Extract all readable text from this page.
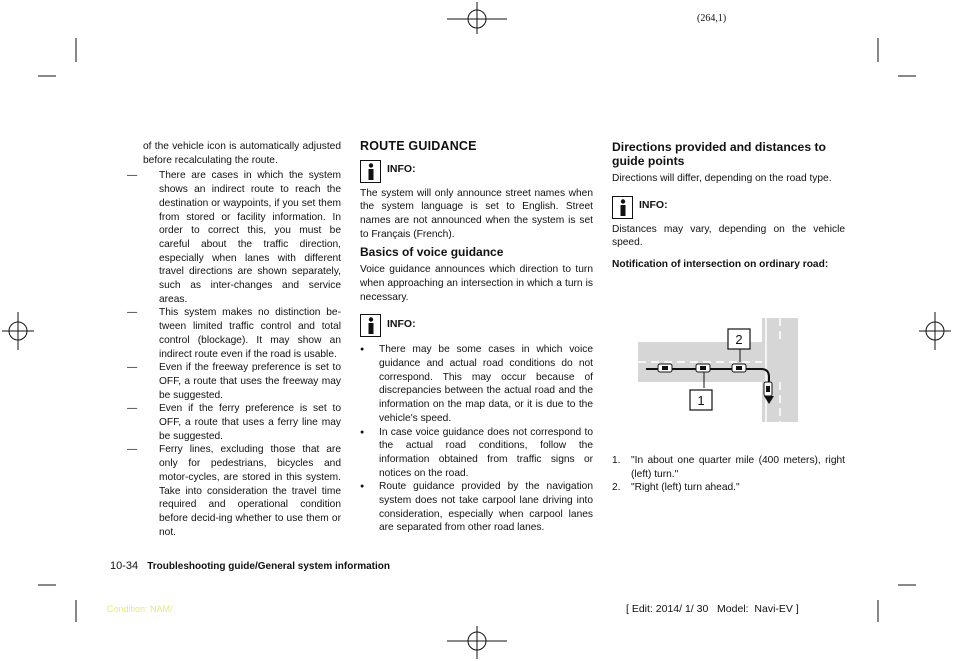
(264,1)

of the vehicle icon is automatically adjusted before recalculating the route.

— There are cases in which the system shows an indirect route to reach the destination or waypoints, if you set them from stored or facility information. In order to correct this, you must be careful about the traffic direction, especially when lanes with different travel directions are shown separately, such as inter-changes and service areas.

— This system makes no distinction be-tween limited traffic control and total control (blockage). It may show an indirect route even if the road is usable.

— Even if the freeway preference is set to OFF, a route that uses the freeway may be suggested.

— Even if the ferry preference is set to OFF, a route that uses a ferry line may be suggested.

— Ferry lines, excluding those that are only for pedestrians, bicycles and motor-cycles, are stored in this system. Take into consideration the travel time required and operational condition before decid-ing whether to use them or not.

ROUTE GUIDANCE
INFO:

The system will only announce street names when the system language is set to English. Street names are not announced when the system is set to Français (French).

Basics of voice guidance

Voice guidance announces which direction to turn when approaching an intersection in which a turn is necessary.

INFO:

● There may be some cases in which voice guidance and actual road conditions do not correspond. This may occur because of discrepancies between the actual road and the information on the map data, or it is due to the vehicle's speed.

● In case voice guidance does not correspond to the actual road conditions, follow the information obtained from traffic signs or notices on the road.

● Route guidance provided by the navigation system does not take carpool lane driving into consideration, especially when carpool lanes are separated from other road lanes.

Directions provided and distances to guide points

Directions will differ, depending on the road type.

INFO:

Distances may vary, depending on the vehicle speed.

Notification of intersection on ordinary road:
1
2

1. "In about one quarter mile (400 meters), right (left) turn."

2. "Right (left) turn ahead."

10-34 Troubleshooting guide/General system information
Condition: NAM/	[ Edit: 2014/ 1/ 30   Model:  Navi-EV ]
